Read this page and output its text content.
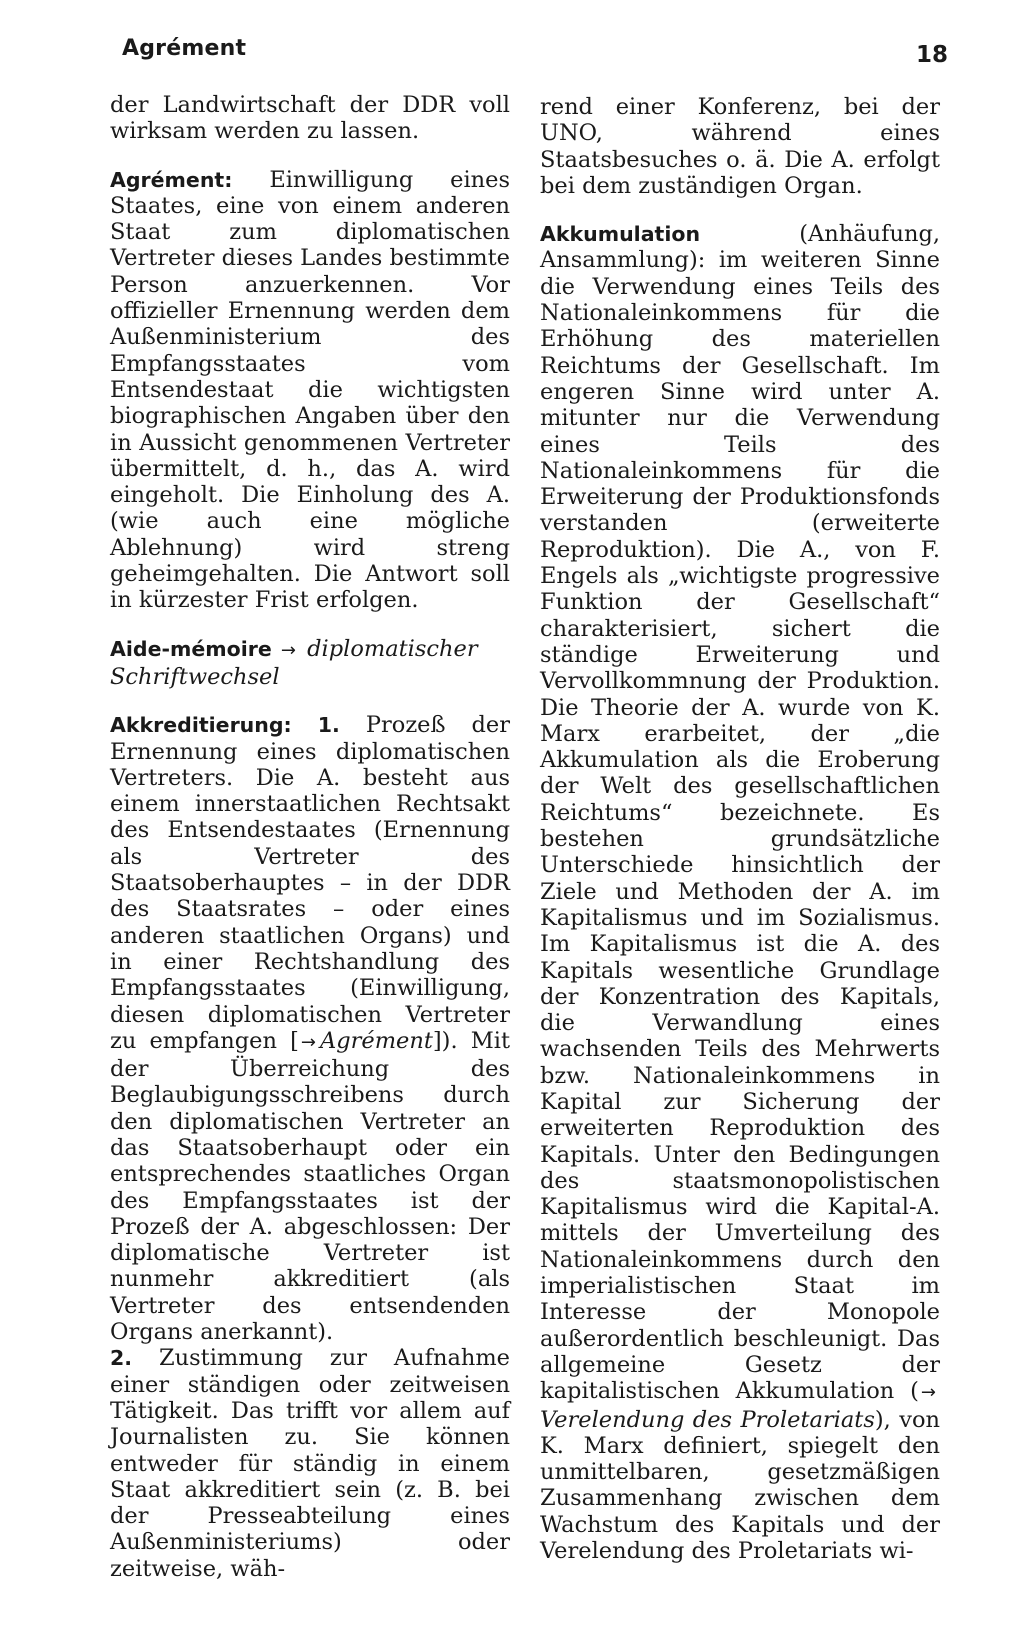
Agrément	18

der Landwirtschaft der DDR voll wirksam werden zu lassen.

Agrément: Einwilligung eines Staates, eine von einem anderen Staat zum diplomatischen Vertreter dieses Landes bestimmte Person anzuerkennen. Vor offizieller Ernennung werden dem Außenministerium des Empfangsstaates vom Entsendestaat die wichtigsten biographischen Angaben über den in Aussicht genommenen Vertreter übermittelt, d. h., das A. wird eingeholt. Die Einholung des A. (wie auch eine mögliche Ablehnung) wird streng geheimgehalten. Die Antwort soll in kürzester Frist erfolgen.

Aide-mémoire → diplomatischer Schriftwechsel

Akkreditierung: 1. Prozeß der Ernennung eines diplomatischen Vertreters. Die A. besteht aus einem innerstaatlichen Rechtsakt des Entsendestaates (Ernennung als Vertreter des Staatsoberhauptes – in der DDR des Staatsrates – oder eines anderen staatlichen Organs) und in einer Rechtshandlung des Empfangsstaates (Einwilligung, diesen diplomatischen Vertreter zu empfangen [ → Agrément]). Mit der Überreichung des Beglaubigungsschreibens durch den diplomatischen Vertreter an das Staatsoberhaupt oder ein entsprechendes staatliches Organ des Empfangsstaates ist der Prozeß der A. abgeschlossen: Der diplomatische Vertreter ist nunmehr akkreditiert (als Vertreter des entsendenden Organs anerkannt).
2. Zustimmung zur Aufnahme einer ständigen oder zeitweisen Tätigkeit. Das trifft vor allem auf Journalisten zu. Sie können entweder für ständig in einem Staat akkreditiert sein (z. B. bei der Presseabteilung eines Außenministeriums) oder zeitweise, wäh-

rend einer Konferenz, bei der UNO, während eines Staatsbesuches o. ä. Die A. erfolgt bei dem zuständigen Organ.

Akkumulation	(Anhäufung, Ansammlung): im weiteren Sinne die Verwendung eines Teils des Nationaleinkommens für die Erhöhung des materiellen Reichtums der Gesellschaft. Im engeren Sinne wird unter A. mitunter nur die Verwendung eines Teils des Nationaleinkommens für die Erweiterung der Produktionsfonds verstanden (erweiterte Reproduktion). Die A., von F. Engels als „wichtigste progressive Funktion der Gesellschaft“ charakterisiert, sichert die ständige Erweiterung und Vervollkommnung der Produktion. Die Theorie der A. wurde von K. Marx erarbeitet, der „die Akkumulation als die Eroberung der Welt des gesellschaftlichen Reichtums“ bezeichnete. Es bestehen grundsätzliche Unterschiede hinsichtlich der Ziele und Methoden der A. im Kapitalismus und im Sozialismus. Im Kapitalismus ist die A. des Kapitals wesentliche Grundlage der Konzentration des Kapitals, die Verwandlung eines wachsenden Teils des Mehrwerts bzw. Nationaleinkommens in Kapital zur Sicherung der erweiterten Reproduktion des Kapitals. Unter den Bedingungen des staatsmonopolistischen Kapitalismus wird die Kapital-A. mittels der Umverteilung des Nationaleinkommens durch den imperialistischen Staat im Interesse der Monopole außerordentlich beschleunigt. Das allgemeine Gesetz der kapitalistischen Akkumulation ( →Verelendung des Proletariats), von K. Marx definiert, spiegelt den unmittelbaren, gesetzmäßigen Zusammenhang zwischen dem Wachstum des Kapitals und der Verelendung des Proletariats wi-
